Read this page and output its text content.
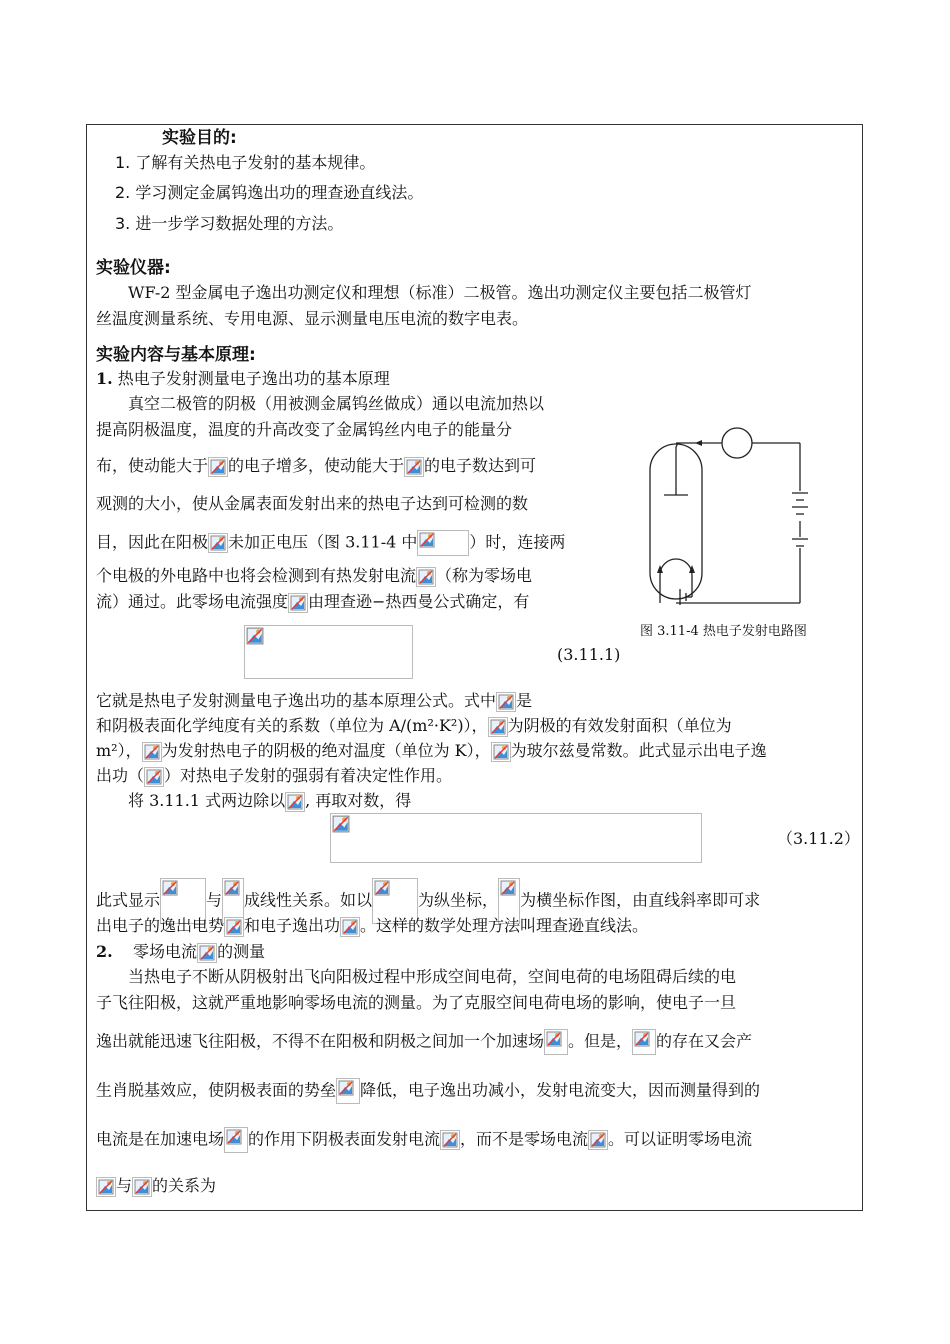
实验目的:
1. 了解有关热电子发射的基本规律。
2. 学习测定金属钨逸出功的理查逊直线法。
3. 进一步学习数据处理的方法。
实验仪器:
WF-2 型金属电子逸出功测定仪和理想（标准）二极管。逸出功测定仪主要包括二极管灯
丝温度测量系统、专用电源、显示测量电压电流的数字电表。
实验内容与基本原理:
1. 热电子发射测量电子逸出功的基本原理
真空二极管的阴极（用被测金属钨丝做成）通以电流加热以
提高阴极温度，温度的升高改变了金属钨丝内电子的能量分
布，使动能大于 的电子增多，使动能大于 的电子数达到可
观测的大小，使从金属表面发射出来的热电子达到可检测的数
目，因此在阳极 未加正电压（图 3.11-4 中	）时，连接两
个电极的外电路中也将会检测到有热发射电流 （称为零场电
流）通过。此零场电流强度 由理查逊−热西曼公式确定，有
(3.11.1)
图 3.11-4 热电子发射电路图
它就是热电子发射测量电子逸出功的基本原理公式。式中 是
和阴极表面化学纯度有关的系数（单位为 A/(m²·K²)）， 为阴极的有效发射面积（单位为
m²）， 为发射热电子的阴极的绝对温度（单位为 K）， 为玻尔兹曼常数。此式显示出电子逸
出功（ ）对热电子发射的强弱有着决定性作用。
将 3.11.1 式两边除以 , 再取对数，得
（3.11.2）
此式显示	与 成线性关系。如以	为纵坐标， 为横坐标作图，由直线斜率即可求
出电子的逸出电势 和电子逸出功 。这样的数学处理方法叫理查逊直线法。
2. 零场电流 的测量
当热电子不断从阴极射出飞向阳极过程中形成空间电荷，空间电荷的电场阻碍后续的电
子飞往阳极，这就严重地影响零场电流的测量。为了克服空间电荷电场的影响，使电子一旦
逸出就能迅速飞往阳极，不得不在阳极和阴极之间加一个加速场 。但是， 的存在又会产
生肖脱基效应，使阴极表面的势垒 降低，电子逸出功减小，发射电流变大，因而测量得到的
电流是在加速电场 的作用下阴极表面发射电流 ，而不是零场电流 。可以证明零场电流
与 的关系为
